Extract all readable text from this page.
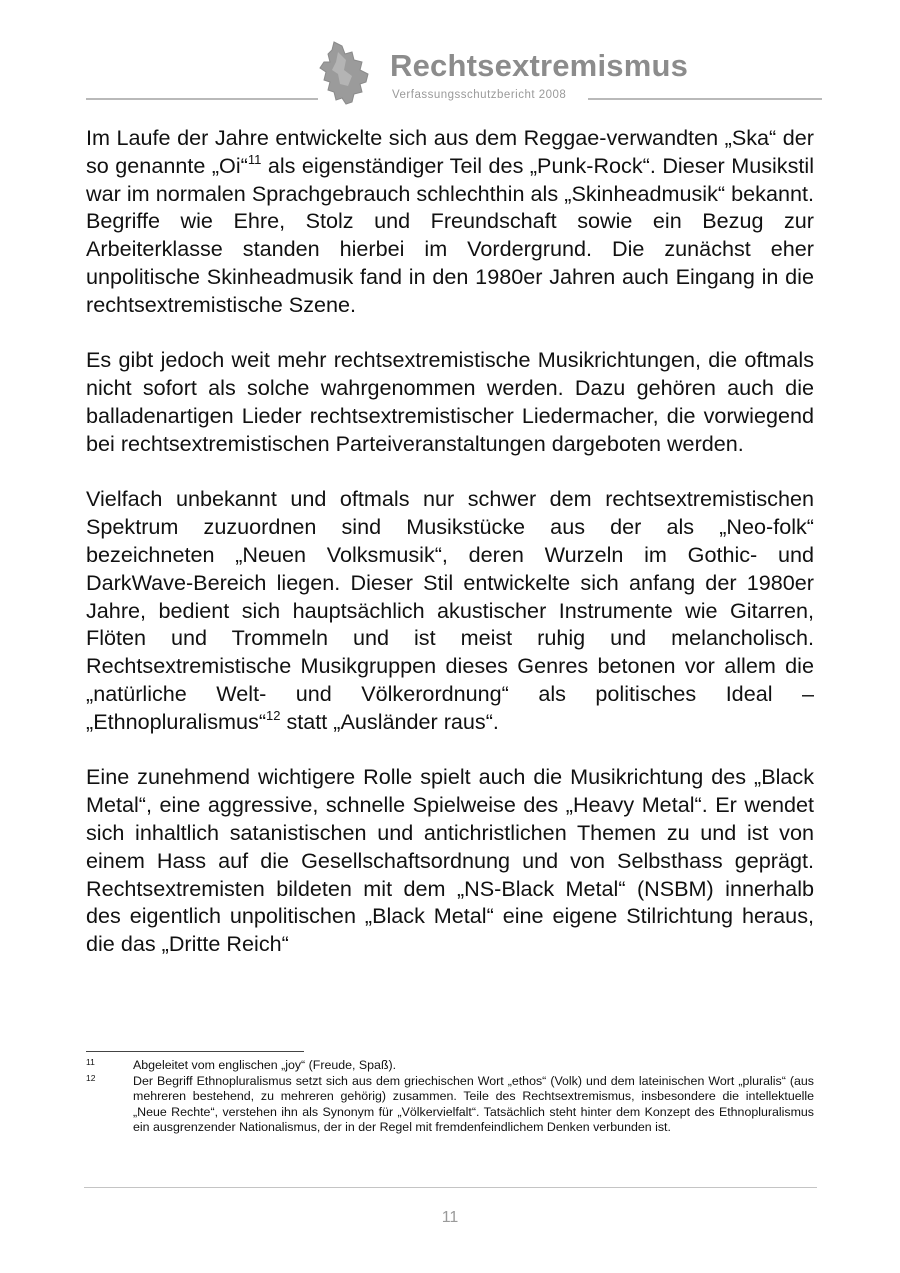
Rechtsextremismus
Verfassungsschutzbericht 2008

Im Laufe der Jahre entwickelte sich aus dem Reggae-verwandten „Ska“ der so genannte „Oi“$^{11}$ als eigenständiger Teil des „Punk-Rock“. Dieser Musikstil war im normalen Sprachgebrauch schlechthin als „Skinheadmusik“ bekannt. Begriffe wie Ehre, Stolz und Freundschaft sowie ein Bezug zur Arbeiterklasse standen hierbei im Vordergrund. Die zunächst eher unpolitische Skinheadmusik fand in den 1980er Jahren auch Eingang in die rechtsextremistische Szene.

Es gibt jedoch weit mehr rechtsextremistische Musikrichtungen, die oftmals nicht sofort als solche wahrgenommen werden. Dazu gehören auch die balladenartigen Lieder rechtsextremistischer Liedermacher, die vorwiegend bei rechtsextremistischen Parteiveranstaltungen dargeboten werden.

Vielfach unbekannt und oftmals nur schwer dem rechtsextremistischen Spektrum zuzuordnen sind Musikstücke aus der als „Neo-folk“ bezeichneten „Neuen Volksmusik“, deren Wurzeln im Gothic- und DarkWave-Bereich liegen. Dieser Stil entwickelte sich anfang der 1980er Jahre, bedient sich hauptsächlich akustischer Instrumente wie Gitarren, Flöten und Trommeln und ist meist ruhig und melancholisch. Rechtsextremistische Musikgruppen dieses Genres betonen vor allem die „natürliche Welt- und Völkerordnung“ als politisches Ideal – „Ethnopluralismus“$^{12}$ statt „Ausländer raus“.

Eine zunehmend wichtigere Rolle spielt auch die Musikrichtung des „Black Metal“, eine aggressive, schnelle Spielweise des „Heavy Metal“. Er wendet sich inhaltlich satanistischen und antichristlichen Themen zu und ist von einem Hass auf die Gesellschaftsordnung und von Selbsthass geprägt. Rechtsextremisten bildeten mit dem „NS-Black Metal“ (NSBM) innerhalb des eigentlich unpolitischen „Black Metal“ eine eigene Stilrichtung heraus, die das „Dritte Reich“

11	Abgeleitet vom englischen „joy“ (Freude, Spaß).

12	Der Begriff Ethnopluralismus setzt sich aus dem griechischen Wort „ethos“ (Volk) und dem lateinischen Wort „pluralis“ (aus mehreren bestehend, zu mehreren gehörig) zusammen. Teile des Rechtsextremismus, insbesondere die intellektuelle „Neue Rechte“, verstehen ihn als Synonym für „Völkervielfalt“. Tatsächlich steht hinter dem Konzept des Ethnopluralismus ein ausgrenzender Nationalismus, der in der Regel mit fremdenfeindlichem Denken verbunden ist.

11
